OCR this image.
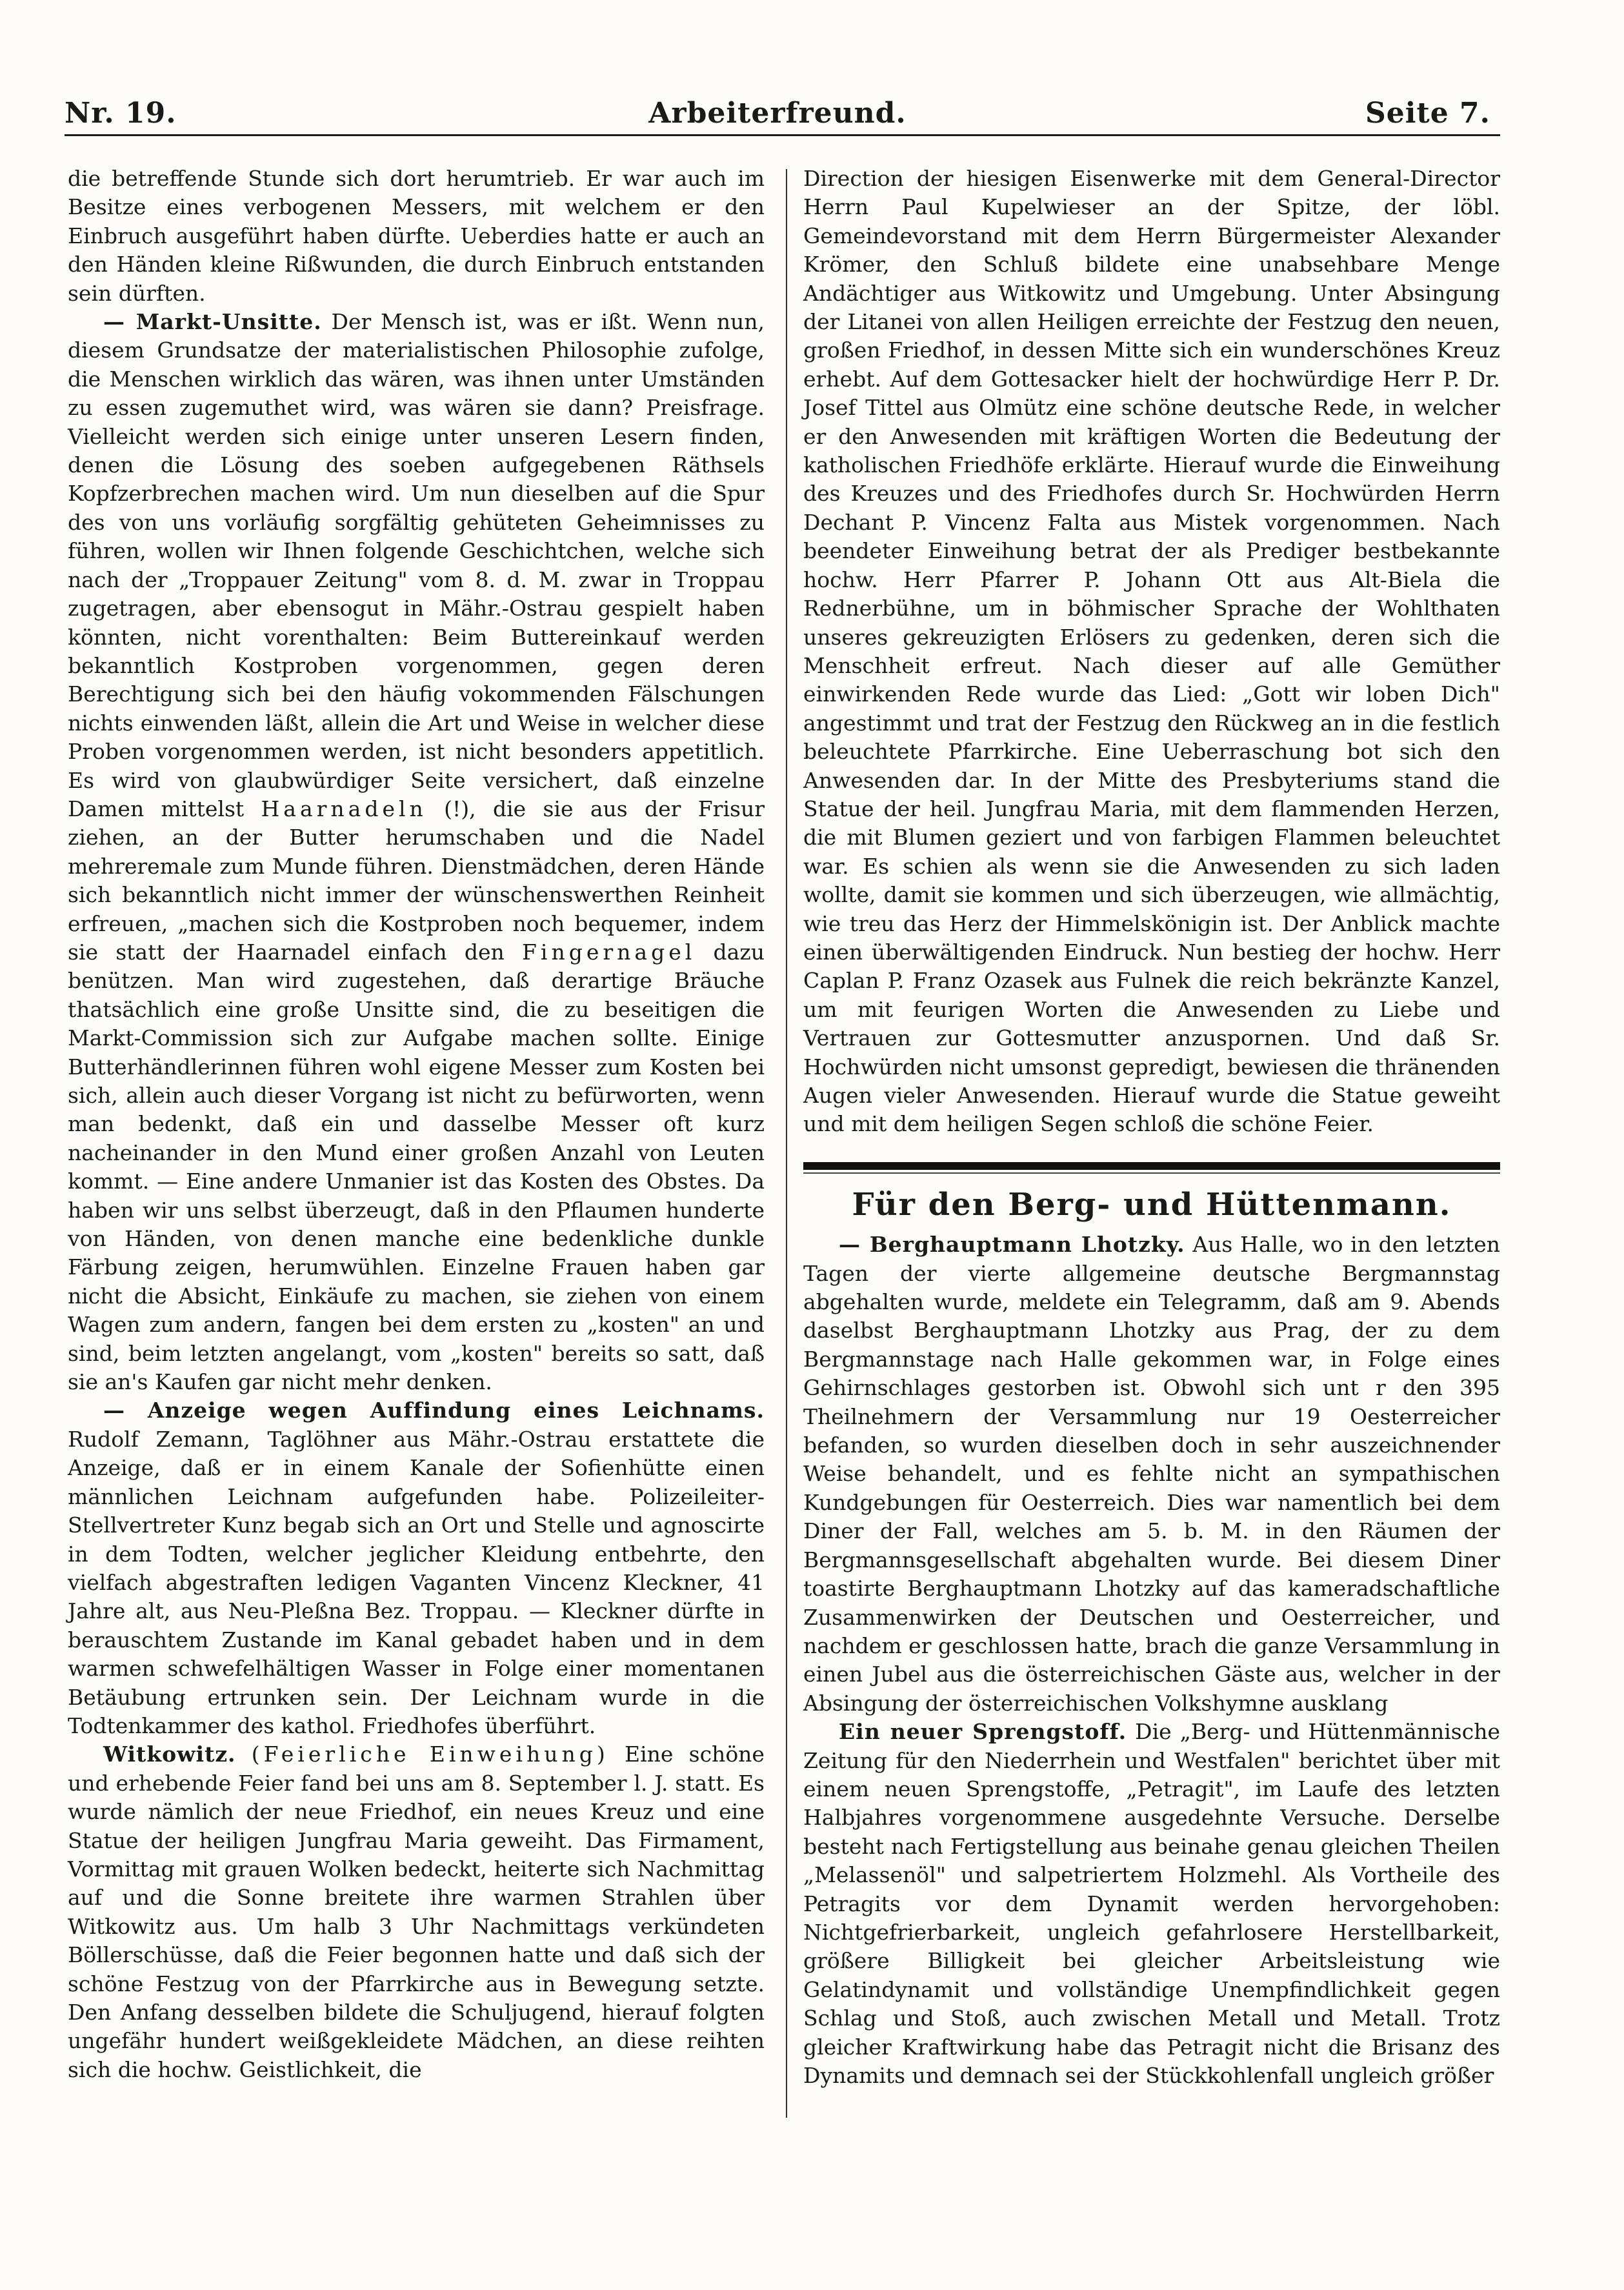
Nr. 19.	Arbeiterfreund.	Seite 7.

die betreffende Stunde sich dort herumtrieb. Er war auch im Besitze eines verbogenen Messers, mit welchem er den Einbruch ausgeführt haben dürfte. Ueberdies hatte er auch an den Händen kleine Rißwunden, die durch Einbruch entstanden sein dürften.

— Markt-Unsitte. Der Mensch ist, was er ißt. Wenn nun, diesem Grundsatze der materialistischen Philosophie zufolge, die Menschen wirklich das wären, was ihnen unter Umständen zu essen zugemuthet wird, was wären sie dann? Preisfrage. Vielleicht werden sich einige unter unseren Lesern finden, denen die Lösung des soeben aufgegebenen Räthsels Kopfzerbrechen machen wird. Um nun dieselben auf die Spur des von uns vorläufig sorgfältig gehüteten Geheimnisses zu führen, wollen wir Ihnen folgende Geschichtchen, welche sich nach der „Troppauer Zeitung" vom 8. d. M. zwar in Troppau zugetragen, aber ebensogut in Mähr.-Ostrau gespielt haben könnten, nicht vorenthalten: Beim Buttereinkauf werden bekanntlich Kostproben vorgenommen, gegen deren Berechtigung sich bei den häufig vokommenden Fälschungen nichts einwenden läßt, allein die Art und Weise in welcher diese Proben vorgenommen werden, ist nicht besonders appetitlich. Es wird von glaubwürdiger Seite versichert, daß einzelne Damen mittelst Haarnadeln (!), die sie aus der Frisur ziehen, an der Butter herumschaben und die Nadel mehreremale zum Munde führen. Dienstmädchen, deren Hände sich bekanntlich nicht immer der wünschenswerthen Reinheit erfreuen, „machen sich die Kostproben noch bequemer, indem sie statt der Haarnadel einfach den Fingernagel dazu benützen. Man wird zugestehen, daß derartige Bräuche thatsächlich eine große Unsitte sind, die zu beseitigen die Markt-Commission sich zur Aufgabe machen sollte. Einige Butterhändlerinnen führen wohl eigene Messer zum Kosten bei sich, allein auch dieser Vorgang ist nicht zu befürworten, wenn man bedenkt, daß ein und dasselbe Messer oft kurz nacheinander in den Mund einer großen Anzahl von Leuten kommt. — Eine andere Unmanier ist das Kosten des Obstes. Da haben wir uns selbst überzeugt, daß in den Pflaumen hunderte von Händen, von denen manche eine bedenkliche dunkle Färbung zeigen, herumwühlen. Einzelne Frauen haben gar nicht die Absicht, Einkäufe zu machen, sie ziehen von einem Wagen zum andern, fangen bei dem ersten zu „kosten" an und sind, beim letzten angelangt, vom „kosten" bereits so satt, daß sie an's Kaufen gar nicht mehr denken.

— Anzeige wegen Auffindung eines Leichnams. Rudolf Zemann, Taglöhner aus Mähr.-Ostrau erstattete die Anzeige, daß er in einem Kanale der Sofienhütte einen männlichen Leichnam aufgefunden habe. Polizeileiter-Stellvertreter Kunz begab sich an Ort und Stelle und agnoscirte in dem Todten, welcher jeglicher Kleidung entbehrte, den vielfach abgestraften ledigen Vaganten Vincenz Kleckner, 41 Jahre alt, aus Neu-Pleßna Bez. Troppau. — Kleckner dürfte in berauschtem Zustande im Kanal gebadet haben und in dem warmen schwefelhältigen Wasser in Folge einer momentanen Betäubung ertrunken sein. Der Leichnam wurde in die Todtenkammer des kathol. Friedhofes überführt.

Witkowitz. (Feierliche Einweihung) Eine schöne und erhebende Feier fand bei uns am 8. September l. J. statt. Es wurde nämlich der neue Friedhof, ein neues Kreuz und eine Statue der heiligen Jungfrau Maria geweiht. Das Firmament, Vormittag mit grauen Wolken bedeckt, heiterte sich Nachmittag auf und die Sonne breitete ihre warmen Strahlen über Witkowitz aus. Um halb 3 Uhr Nachmittags verkündeten Böllerschüsse, daß die Feier begonnen hatte und daß sich der schöne Festzug von der Pfarrkirche aus in Bewegung setzte. Den Anfang desselben bildete die Schuljugend, hierauf folgten ungefähr hundert weißgekleidete Mädchen, an diese reihten sich die hochw. Geistlichkeit, die

Direction der hiesigen Eisenwerke mit dem General-Director Herrn Paul Kupelwieser an der Spitze, der löbl. Gemeindevorstand mit dem Herrn Bürgermeister Alexander Krömer, den Schluß bildete eine unabsehbare Menge Andächtiger aus Witkowitz und Umgebung. Unter Absingung der Litanei von allen Heiligen erreichte der Festzug den neuen, großen Friedhof, in dessen Mitte sich ein wunderschönes Kreuz erhebt. Auf dem Gottesacker hielt der hochwürdige Herr P. Dr. Josef Tittel aus Olmütz eine schöne deutsche Rede, in welcher er den Anwesenden mit kräftigen Worten die Bedeutung der katholischen Friedhöfe erklärte. Hierauf wurde die Einweihung des Kreuzes und des Friedhofes durch Sr. Hochwürden Herrn Dechant P. Vincenz Falta aus Mistek vorgenommen. Nach beendeter Einweihung betrat der als Prediger bestbekannte hochw. Herr Pfarrer P. Johann Ott aus Alt-Biela die Rednerbühne, um in böhmischer Sprache der Wohlthaten unseres gekreuzigten Erlösers zu gedenken, deren sich die Menschheit erfreut. Nach dieser auf alle Gemüther einwirkenden Rede wurde das Lied: „Gott wir loben Dich" angestimmt und trat der Festzug den Rückweg an in die festlich beleuchtete Pfarrkirche. Eine Ueberraschung bot sich den Anwesenden dar. In der Mitte des Presbyteriums stand die Statue der heil. Jungfrau Maria, mit dem flammenden Herzen, die mit Blumen geziert und von farbigen Flammen beleuchtet war. Es schien als wenn sie die Anwesenden zu sich laden wollte, damit sie kommen und sich überzeugen, wie allmächtig, wie treu das Herz der Himmelskönigin ist. Der Anblick machte einen überwältigenden Eindruck. Nun bestieg der hochw. Herr Caplan P. Franz Ozasek aus Fulnek die reich bekränzte Kanzel, um mit feurigen Worten die Anwesenden zu Liebe und Vertrauen zur Gottesmutter anzuspornen. Und daß Sr. Hochwürden nicht umsonst gepredigt, bewiesen die thränenden Augen vieler Anwesenden. Hierauf wurde die Statue geweiht und mit dem heiligen Segen schloß die schöne Feier.

Für den Berg- und Hüttenmann.

— Berghauptmann Lhotzky. Aus Halle, wo in den letzten Tagen der vierte allgemeine deutsche Bergmannstag abgehalten wurde, meldete ein Telegramm, daß am 9. Abends daselbst Berghauptmann Lhotzky aus Prag, der zu dem Bergmannstage nach Halle gekommen war, in Folge eines Gehirnschlages gestorben ist. Obwohl sich unt r den 395 Theilnehmern der Versammlung nur 19 Oesterreicher befanden, so wurden dieselben doch in sehr auszeichnender Weise behandelt, und es fehlte nicht an sympathischen Kundgebungen für Oesterreich. Dies war namentlich bei dem Diner der Fall, welches am 5. b. M. in den Räumen der Bergmannsgesellschaft abgehalten wurde. Bei diesem Diner toastirte Berghauptmann Lhotzky auf das kameradschaftliche Zusammenwirken der Deutschen und Oesterreicher, und nachdem er geschlossen hatte, brach die ganze Versammlung in einen Jubel aus die österreichischen Gäste aus, welcher in der Absingung der österreichischen Volkshymne ausklang

Ein neuer Sprengstoff. Die „Berg- und Hüttenmännische Zeitung für den Niederrhein und Westfalen" berichtet über mit einem neuen Sprengstoffe, „Petragit", im Laufe des letzten Halbjahres vorgenommene ausgedehnte Versuche. Derselbe besteht nach Fertigstellung aus beinahe genau gleichen Theilen „Melassenöl" und salpetriertem Holzmehl. Als Vortheile des Petragits vor dem Dynamit werden hervorgehoben: Nichtgefrierbarkeit, ungleich gefahrlosere Herstellbarkeit, größere Billigkeit bei gleicher Arbeitsleistung wie Gelatindynamit und vollständige Unempfindlichkeit gegen Schlag und Stoß, auch zwischen Metall und Metall. Trotz gleicher Kraftwirkung habe das Petragit nicht die Brisanz des Dynamits und demnach sei der Stückkohlenfall ungleich größer
